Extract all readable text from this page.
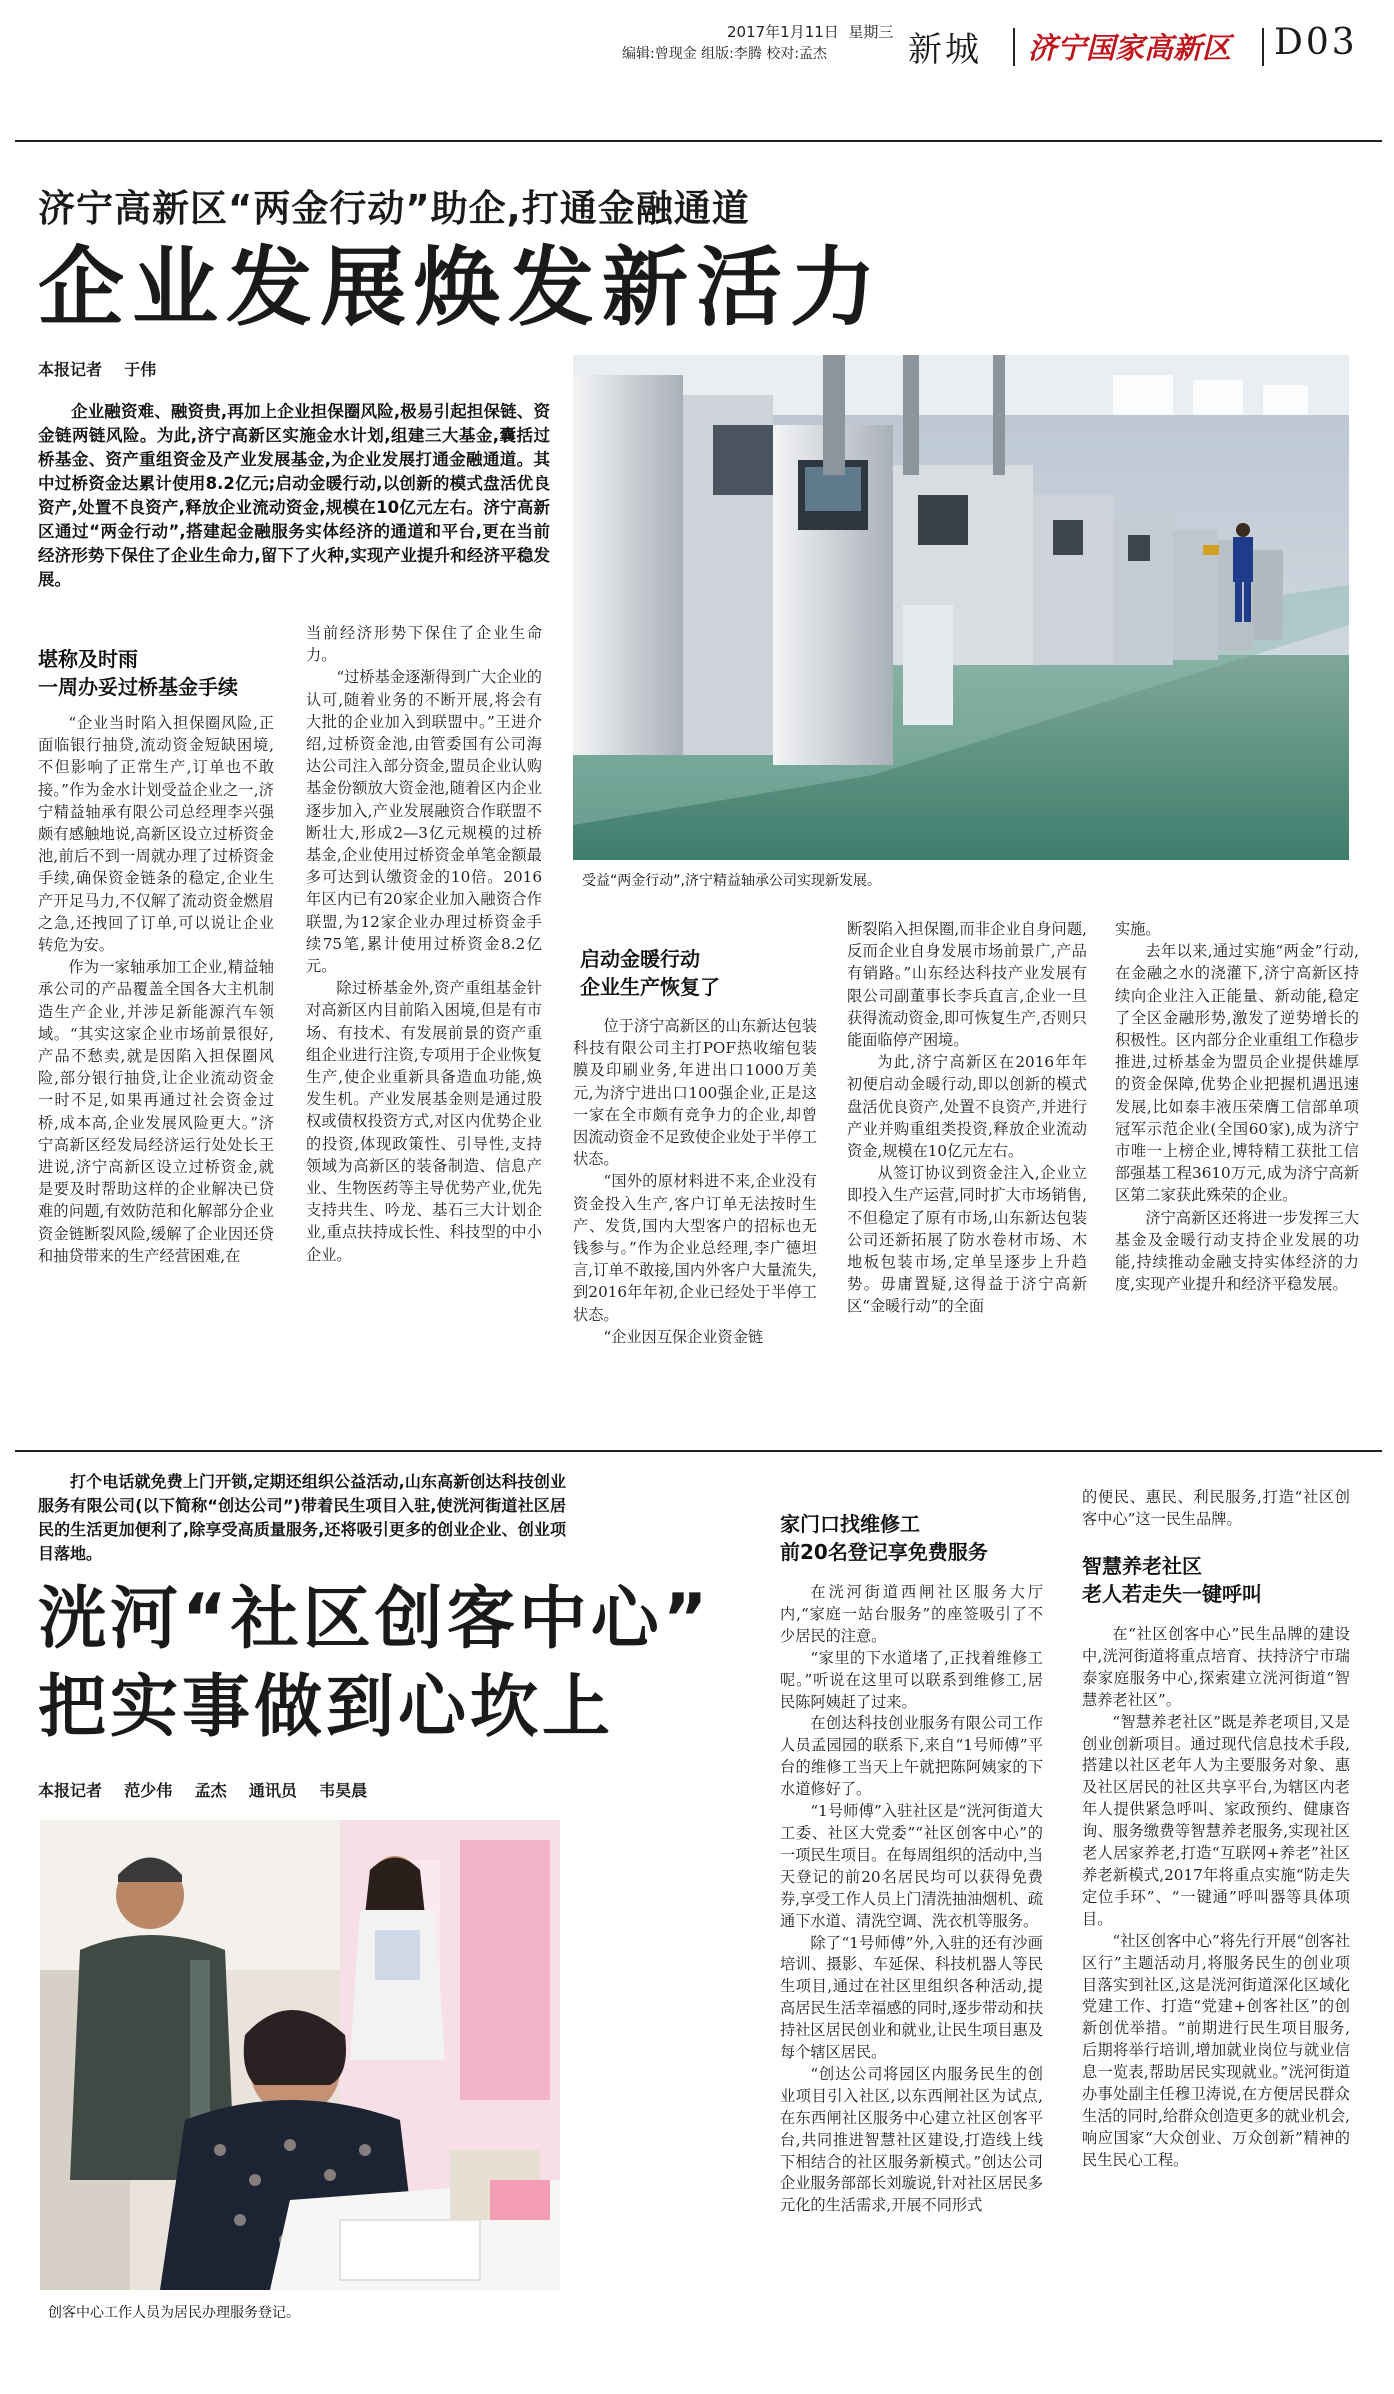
2017年1月11日 星期三
编辑:曾现金 组版:李腾 校对:孟杰	新城 济宁国家高新区 D03
济宁高新区“两金行动”助企,打通金融通道
企业发展焕发新活力
本报记者    于伟

企业融资难、融资贵,再加上企业担保圈风险,极易引起担保链、资金链两链风险。为此,济宁高新区实施金水计划,组建三大基金,囊括过桥基金、资产重组资金及产业发展基金,为企业发展打通金融通道。其中过桥资金达累计使用8.2亿元;启动金暖行动,以创新的模式盘活优良资产,处置不良资产,释放企业流动资金,规模在10亿元左右。济宁高新区通过“两金行动”,搭建起金融服务实体经济的通道和平台,更在当前经济形势下保住了企业生命力,留下了火种,实现产业提升和经济平稳发展。

受益“两金行动”,济宁精益轴承公司实现新发展。
堪称及时雨
一周办妥过桥基金手续

“企业当时陷入担保圈风险,正面临银行抽贷,流动资金短缺困境,不但影响了正常生产,订单也不敢接。”作为金水计划受益企业之一,济宁精益轴承有限公司总经理李兴强颇有感触地说,高新区设立过桥资金池,前后不到一周就办理了过桥资金手续,确保资金链条的稳定,企业生产开足马力,不仅解了流动资金燃眉之急,还拽回了订单,可以说让企业转危为安。

作为一家轴承加工企业,精益轴承公司的产品覆盖全国各大主机制造生产企业,并涉足新能源汽车领域。“其实这家企业市场前景很好,产品不愁卖,就是因陷入担保圈风险,部分银行抽贷,让企业流动资金一时不足,如果再通过社会资金过桥,成本高,企业发展风险更大。”济宁高新区经发局经济运行处处长王进说,济宁高新区设立过桥资金,就是要及时帮助这样的企业解决已贷难的问题,有效防范和化解部分企业资金链断裂风险,缓解了企业因还贷和抽贷带来的生产经营困难,在

当前经济形势下保住了企业生命力。

“过桥基金逐渐得到广大企业的认可,随着业务的不断开展,将会有大批的企业加入到联盟中。”王进介绍,过桥资金池,由管委国有公司海达公司注入部分资金,盟员企业认购基金份额放大资金池,随着区内企业逐步加入,产业发展融资合作联盟不断壮大,形成2—3亿元规模的过桥基金,企业使用过桥资金单笔金额最多可达到认缴资金的10倍。2016年区内已有20家企业加入融资合作联盟,为12家企业办理过桥资金手续75笔,累计使用过桥资金8.2亿元。

除过桥基金外,资产重组基金针对高新区内目前陷入困境,但是有市场、有技术、有发展前景的资产重组企业进行注资,专项用于企业恢复生产,使企业重新具备造血功能,焕发生机。产业发展基金则是通过股权或债权投资方式,对区内优势企业的投资,体现政策性、引导性,支持领域为高新区的装备制造、信息产业、生物医药等主导优势产业,优先支持共生、吟龙、基石三大计划企业,重点扶持成长性、科技型的中小企业。

启动金暖行动
企业生产恢复了

位于济宁高新区的山东新达包装科技有限公司主打POF热收缩包装膜及印刷业务,年进出口1000万美元,为济宁进出口100强企业,正是这一家在全市颇有竞争力的企业,却曾因流动资金不足致使企业处于半停工状态。

“国外的原材料进不来,企业没有资金投入生产,客户订单无法按时生产、发货,国内大型客户的招标也无钱参与。”作为企业总经理,李广德坦言,订单不敢接,国内外客户大量流失,到2016年年初,企业已经处于半停工状态。

“企业因互保企业资金链

断裂陷入担保圈,而非企业自身问题,反而企业自身发展市场前景广,产品有销路。”山东经达科技产业发展有限公司副董事长李兵直言,企业一旦获得流动资金,即可恢复生产,否则只能面临停产困境。

为此,济宁高新区在2016年年初便启动金暖行动,即以创新的模式盘活优良资产,处置不良资产,并进行产业并购重组类投资,释放企业流动资金,规模在10亿元左右。

从签订协议到资金注入,企业立即投入生产运营,同时扩大市场销售,不但稳定了原有市场,山东新达包装公司还新拓展了防水卷材市场、木地板包装市场,定单呈逐步上升趋势。毋庸置疑,这得益于济宁高新区“金暖行动”的全面

实施。

去年以来,通过实施“两金”行动,在金融之水的浇灌下,济宁高新区持续向企业注入正能量、新动能,稳定了全区金融形势,激发了逆势增长的积极性。区内部分企业重组工作稳步推进,过桥基金为盟员企业提供雄厚的资金保障,优势企业把握机遇迅速发展,比如泰丰液压荣膺工信部单项冠军示范企业(全国60家),成为济宁市唯一上榜企业,博特精工获批工信部强基工程3610万元,成为济宁高新区第二家获此殊荣的企业。

济宁高新区还将进一步发挥三大基金及金暖行动支持企业发展的功能,持续推动金融支持实体经济的力度,实现产业提升和经济平稳发展。

打个电话就免费上门开锁,定期还组织公益活动,山东高新创达科技创业服务有限公司(以下简称“创达公司”)带着民生项目入驻,使洸河街道社区居民的生活更加便利了,除享受高质量服务,还将吸引更多的创业企业、创业项目落地。

洸河“社区创客中心”
把实事做到心坎上
本报记者    范少伟    孟杰    通讯员    韦昊晨
创客中心工作人员为居民办理服务登记。
家门口找维修工
前20名登记享免费服务

在洸河街道西闸社区服务大厅内,“家庭一站台服务”的座签吸引了不少居民的注意。

“家里的下水道堵了,正找着维修工呢。”听说在这里可以联系到维修工,居民陈阿姨赶了过来。

在创达科技创业服务有限公司工作人员孟园园的联系下,来自“1号师傅”平台的维修工当天上午就把陈阿姨家的下水道修好了。

“1号师傅”入驻社区是“洸河街道大工委、社区大党委”“社区创客中心”的一项民生项目。在每周组织的活动中,当天登记的前20名居民均可以获得免费券,享受工作人员上门清洗抽油烟机、疏通下水道、清洗空调、洗衣机等服务。

除了“1号师傅”外,入驻的还有沙画培训、摄影、车延保、科技机器人等民生项目,通过在社区里组织各种活动,提高居民生活幸福感的同时,逐步带动和扶持社区居民创业和就业,让民生项目惠及每个辖区居民。

“创达公司将园区内服务民生的创业项目引入社区,以东西闸社区为试点,在东西闸社区服务中心建立社区创客平台,共同推进智慧社区建设,打造线上线下相结合的社区服务新模式。”创达公司企业服务部部长刘璇说,针对社区居民多元化的生活需求,开展不同形式

的便民、惠民、利民服务,打造“社区创客中心”这一民生品牌。

智慧养老社区
老人若走失一键呼叫

在“社区创客中心”民生品牌的建设中,洸河街道将重点培育、扶持济宁市瑞泰家庭服务中心,探索建立洸河街道“智慧养老社区”。

“智慧养老社区”既是养老项目,又是创业创新项目。通过现代信息技术手段,搭建以社区老年人为主要服务对象、惠及社区居民的社区共享平台,为辖区内老年人提供紧急呼叫、家政预约、健康咨询、服务缴费等智慧养老服务,实现社区老人居家养老,打造“互联网+养老”社区养老新模式,2017年将重点实施“防走失定位手环”、“一键通”呼叫器等具体项目。

“社区创客中心”将先行开展“创客社区行”主题活动月,将服务民生的创业项目落实到社区,这是洸河街道深化区域化党建工作、打造“党建+创客社区”的创新创优举措。“前期进行民生项目服务,后期将举行培训,增加就业岗位与就业信息一览表,帮助居民实现就业。”洸河街道办事处副主任穆卫涛说,在方便居民群众生活的同时,给群众创造更多的就业机会,响应国家“大众创业、万众创新”精神的民生民心工程。
